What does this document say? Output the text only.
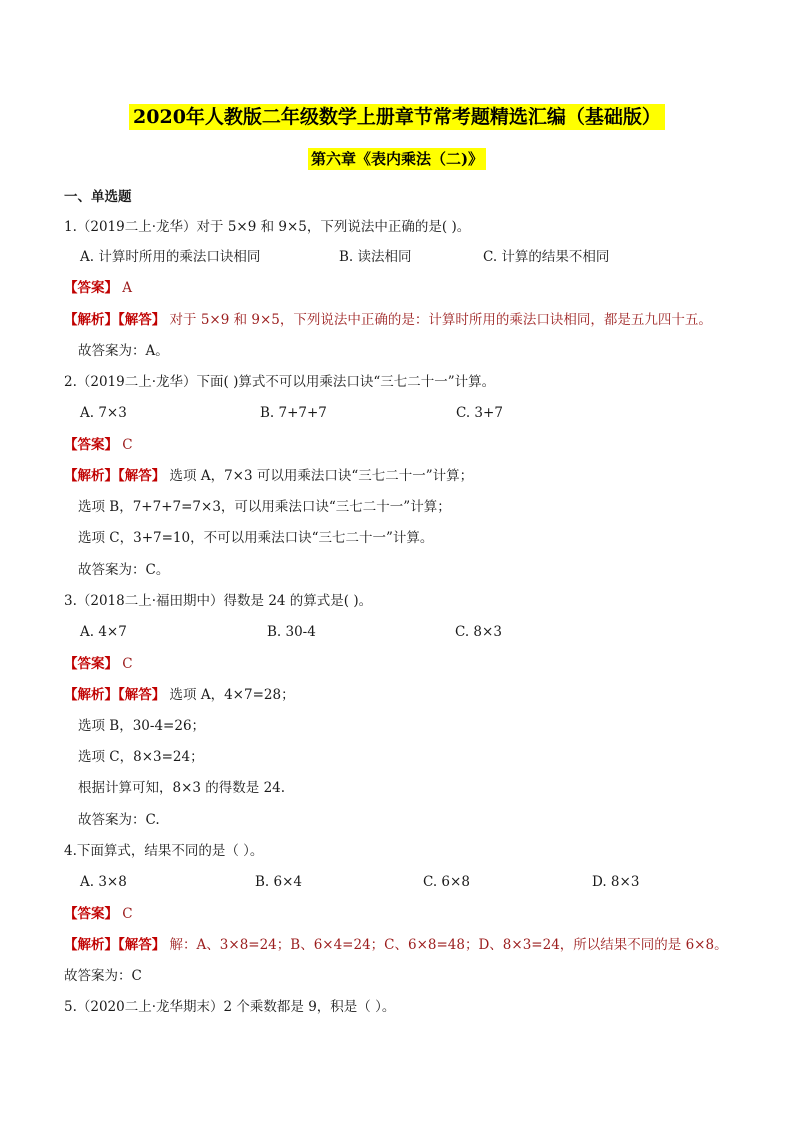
2020年人教版二年级数学上册章节常考题精选汇编（基础版）
第六章《表内乘法（二)》
一、单选题
1.（2019二上·龙华）对于 5×9 和 9×5，下列说法中正确的是( )。
A. 计算时所用的乘法口诀相同	B. 读法相同	C. 计算的结果不相同
【答案】 A
【解析】【解答】 对于 5×9 和 9×5，下列说法中正确的是：计算时所用的乘法口诀相同，都是五九四十五。
故答案为：A。
2.（2019二上·龙华）下面( )算式不可以用乘法口诀“三七二十一”计算。
A. 7×3	B. 7+7+7	C. 3+7
【答案】 C
【解析】【解答】 选项 A，7×3 可以用乘法口诀“三七二十一”计算；
选项 B，7+7+7=7×3，可以用乘法口诀“三七二十一”计算；
选项 C，3+7=10，不可以用乘法口诀“三七二十一”计算。
故答案为：C。
3.（2018二上·福田期中）得数是 24 的算式是( )。
A. 4×7	B. 30-4	C. 8×3
【答案】 C
【解析】【解答】 选项 A，4×7=28；
选项 B，30-4=26；
选项 C，8×3=24；
根据计算可知，8×3 的得数是 24.
故答案为：C.
4.下面算式，结果不同的是（ ）。
A. 3×8	B. 6×4	C. 6×8	D. 8×3
【答案】 C
【解析】【解答】 解：A、3×8=24；B、6×4=24；C、6×8=48；D、8×3=24，所以结果不同的是 6×8。
故答案为：C
5.（2020二上·龙华期末）2 个乘数都是 9，积是（ ）。
